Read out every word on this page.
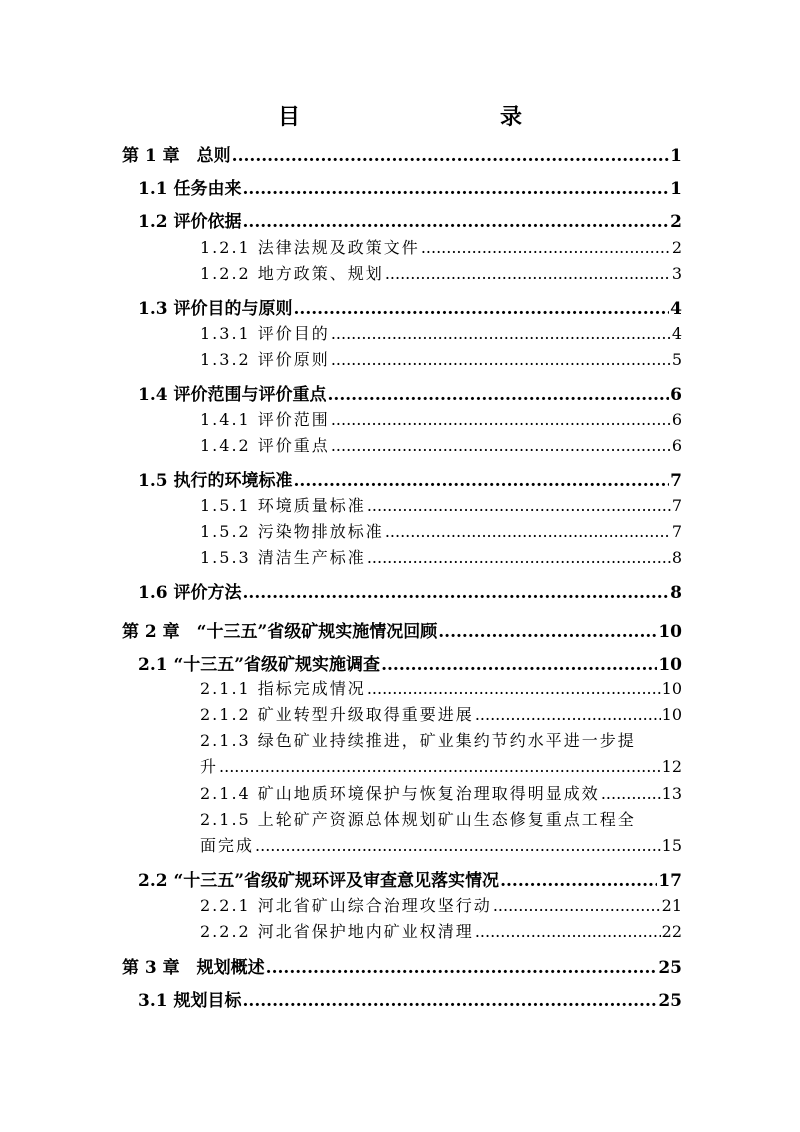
目　　录
第 1 章　总则 .....	1
1.1 任务由来 .....	1
1.2 评价依据 .....	2
1.2.1 法律法规及政策文件 .....	2
1.2.2 地方政策、规划 .....	3
1.3 评价目的与原则 .....	4
1.3.1 评价目的 .....	4
1.3.2 评价原则 .....	5
1.4 评价范围与评价重点 .....	6
1.4.1 评价范围 .....	6
1.4.2 评价重点 .....	6
1.5 执行的环境标准 .....	7
1.5.1 环境质量标准 .....	7
1.5.2 污染物排放标准 .....	7
1.5.3 清洁生产标准 .....	8
1.6 评价方法 .....	8
第 2 章　“十三五”省级矿规实施情况回顾 .....	10
2.1 “十三五”省级矿规实施调查 .....	10
2.1.1 指标完成情况 .....	10
2.1.2 矿业转型升级取得重要进展 .....	10
2.1.3 绿色矿业持续推进，矿业集约节约水平进一步提
升 .....	12
2.1.4 矿山地质环境保护与恢复治理取得明显成效 .....	13
2.1.5 上轮矿产资源总体规划矿山生态修复重点工程全
面完成 .....	15
2.2 “十三五”省级矿规环评及审查意见落实情况 .....	17
2.2.1 河北省矿山综合治理攻坚行动 .....	21
2.2.2 河北省保护地内矿业权清理 .....	22
第 3 章　规划概述 .....	25
3.1 规划目标 .....	25
